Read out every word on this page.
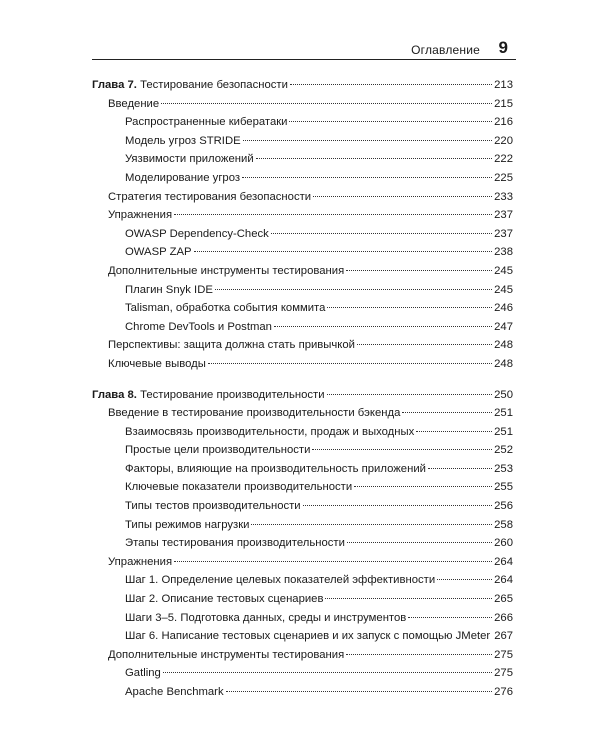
Оглавление 9
Глава 7. Тестирование безопасности	213
Введение	215
Распространенные кибератаки	216
Модель угроз STRIDE	220
Уязвимости приложений	222
Моделирование угроз	225
Стратегия тестирования безопасности	233
Упражнения	237
OWASP Dependency-Check	237
OWASP ZAP	238
Дополнительные инструменты тестирования	245
Плагин Snyk IDE	245
Talisman, обработка события коммита	246
Chrome DevTools и Postman	247
Перспективы: защита должна стать привычкой	248
Ключевые выводы	248
Глава 8. Тестирование производительности	250
Введение в тестирование производительности бэкенда	251
Взаимосвязь производительности, продаж и выходных	251
Простые цели производительности	252
Факторы, влияющие на производительность приложений	253
Ключевые показатели производительности	255
Типы тестов производительности	256
Типы режимов нагрузки	258
Этапы тестирования производительности	260
Упражнения	264
Шаг 1. Определение целевых показателей эффективности	264
Шаг 2. Описание тестовых сценариев	265
Шаги 3–5. Подготовка данных, среды и инструментов	266
Шаг 6. Написание тестовых сценариев и их запуск с помощью JMeter 267
Дополнительные инструменты тестирования	275
Gatling	275
Apache Benchmark	276
